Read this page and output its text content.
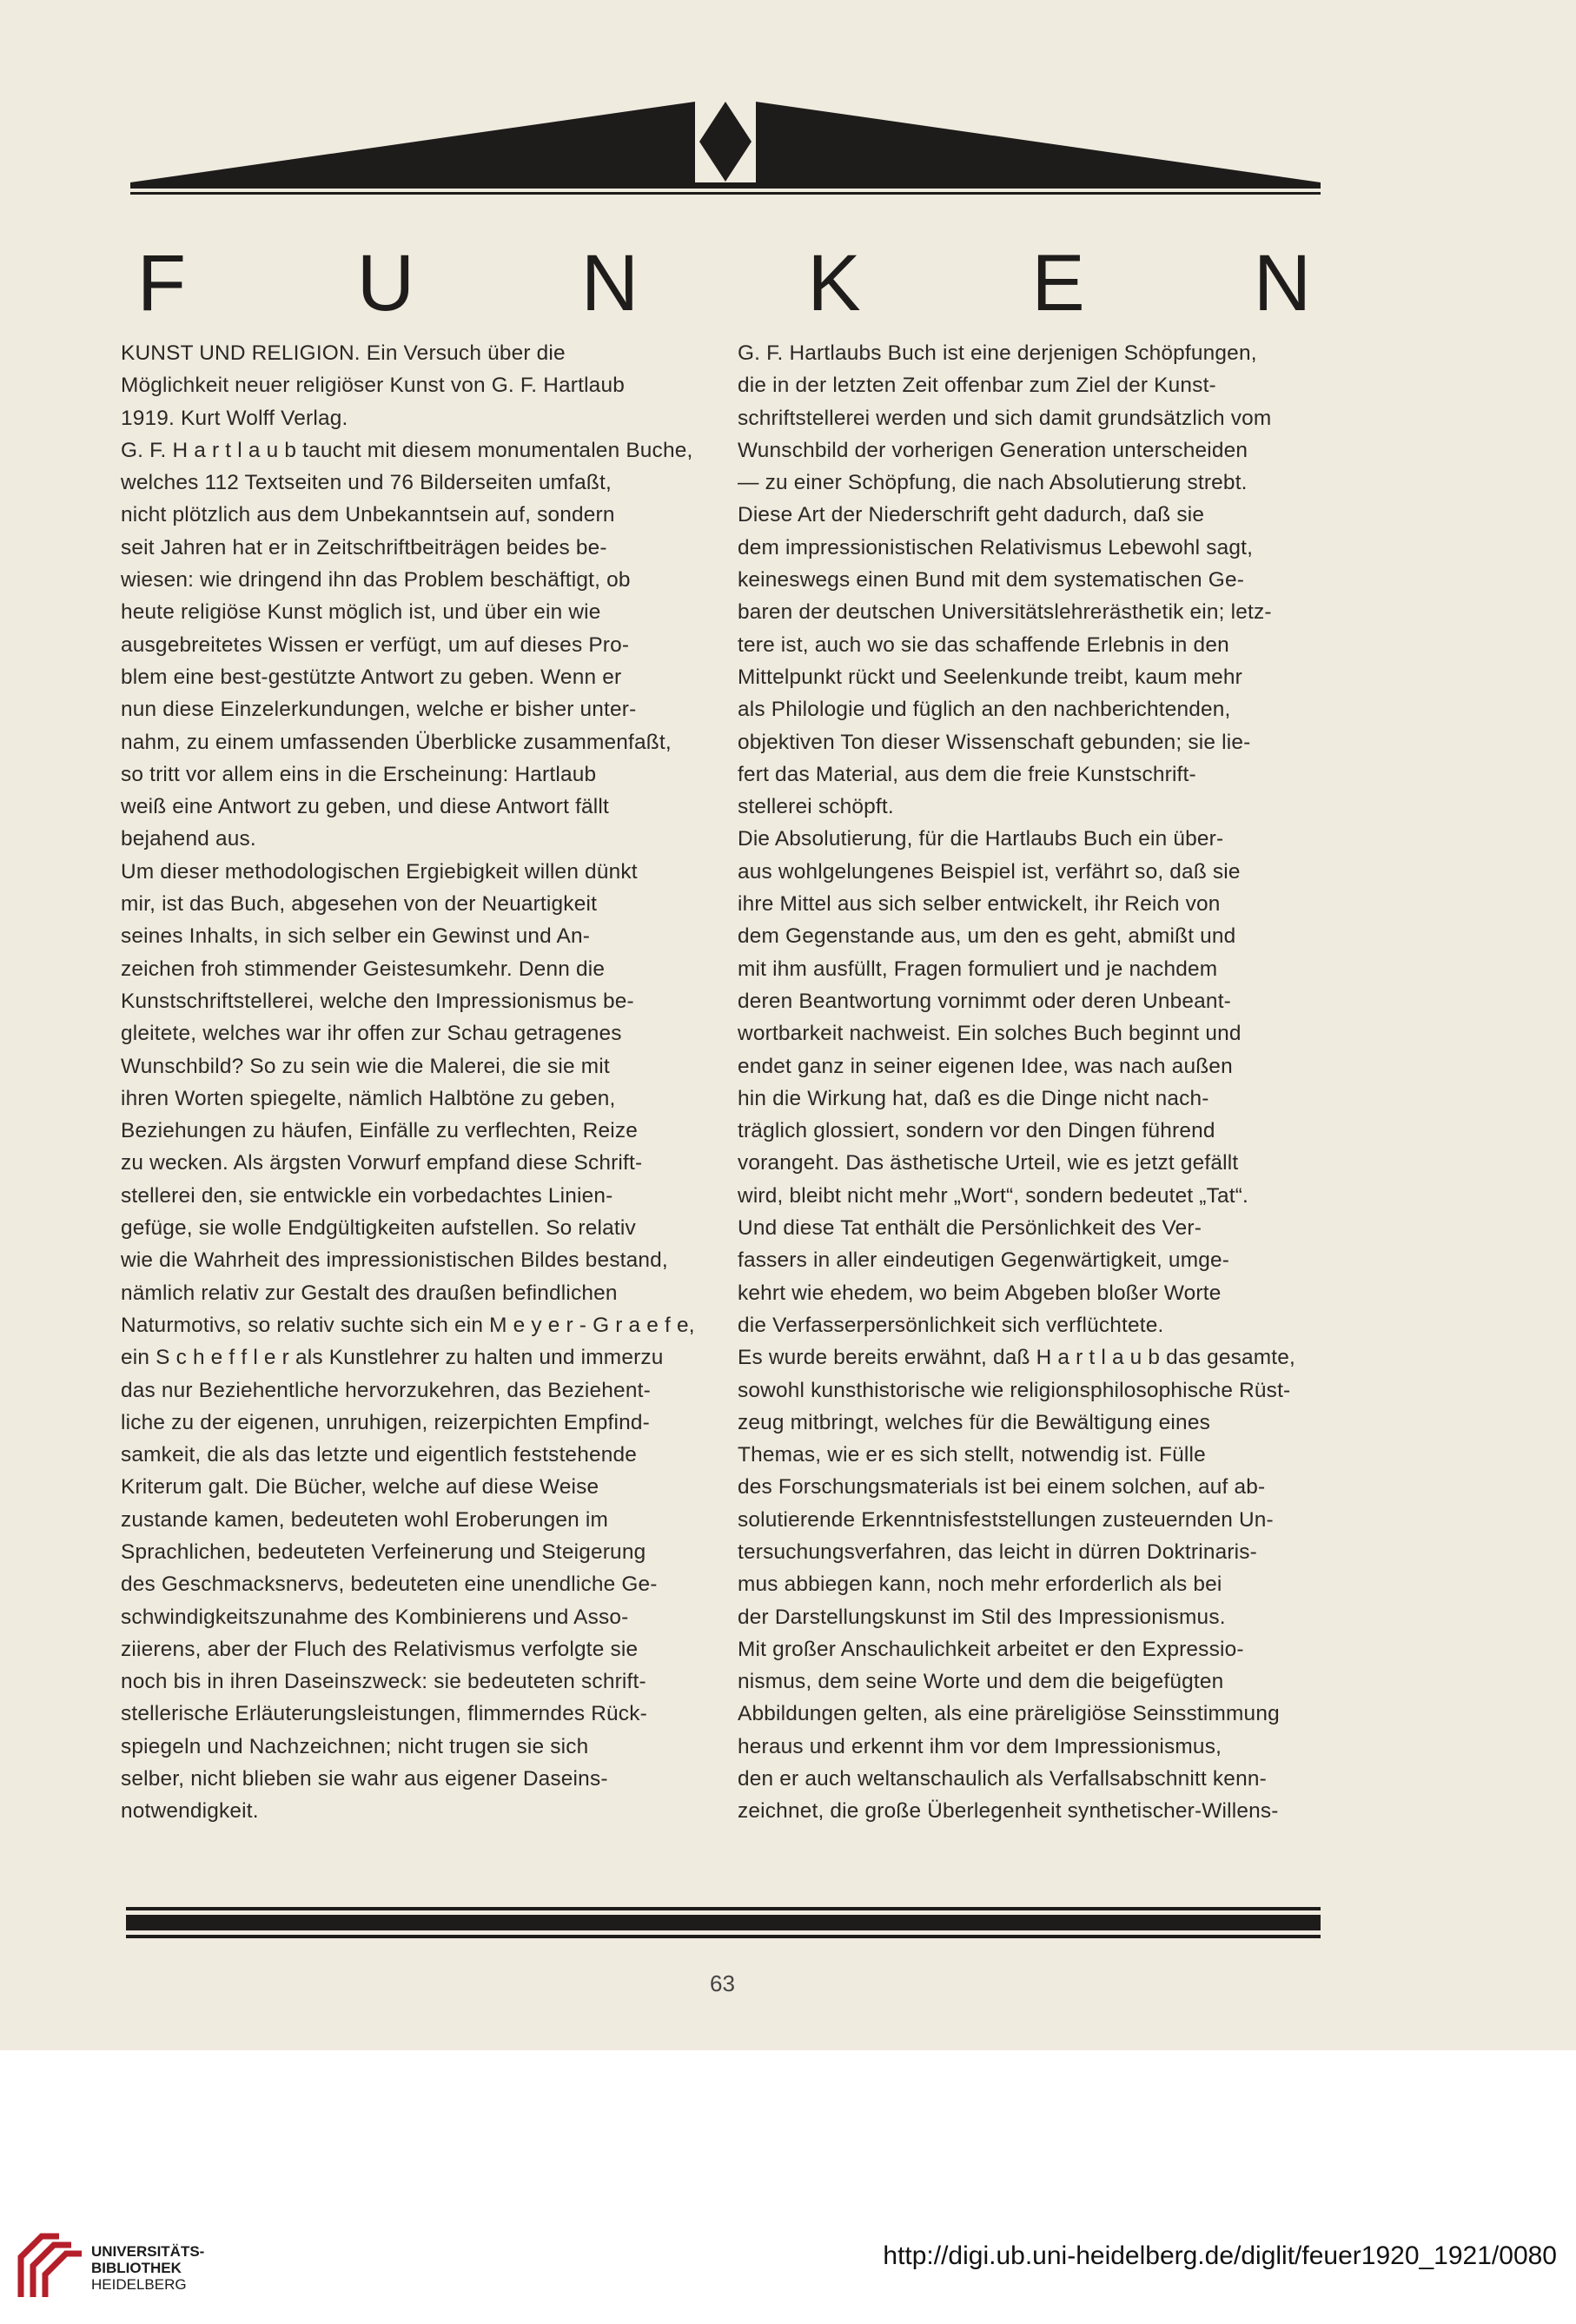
F U N K E N

KUNST UND RELIGION. Ein Versuch über die
Möglichkeit neuer religiöser Kunst von G. F. Hartlaub
1919. Kurt Wolff Verlag.

G. F. H a r t l a u b taucht mit diesem monumentalen Buche,
welches 112 Textseiten und 76 Bilderseiten umfaßt,
nicht plötzlich aus dem Unbekanntsein auf, sondern
seit Jahren hat er in Zeitschriftbeiträgen beides be-
wiesen: wie dringend ihn das Problem beschäftigt, ob
heute religiöse Kunst möglich ist, und über ein wie
ausgebreitetes Wissen er verfügt, um auf dieses Pro-
blem eine best-gestützte Antwort zu geben. Wenn er
nun diese Einzelerkundungen, welche er bisher unter-
nahm, zu einem umfassenden Überblicke zusammenfaßt,
so tritt vor allem eins in die Erscheinung: Hartlaub
weiß eine Antwort zu geben, und diese Antwort fällt
bejahend aus.

Um dieser methodologischen Ergiebigkeit willen dünkt
mir, ist das Buch, abgesehen von der Neuartigkeit
seines Inhalts, in sich selber ein Gewinst und An-
zeichen froh stimmender Geistesumkehr. Denn die
Kunstschriftstellerei, welche den Impressionismus be-
gleitete, welches war ihr offen zur Schau getragenes
Wunschbild? So zu sein wie die Malerei, die sie mit
ihren Worten spiegelte, nämlich Halbtöne zu geben,
Beziehungen zu häufen, Einfälle zu verflechten, Reize
zu wecken. Als ärgsten Vorwurf empfand diese Schrift-
stellerei den, sie entwickle ein vorbedachtes Linien-
gefüge, sie wolle Endgültigkeiten aufstellen. So relativ
wie die Wahrheit des impressionistischen Bildes bestand,
nämlich relativ zur Gestalt des draußen befindlichen
Naturmotivs, so relativ suchte sich ein M e y e r - G r a e f e,
ein S c h e f f l e r als Kunstlehrer zu halten und immerzu
das nur Beziehentliche hervorzukehren, das Beziehent-
liche zu der eigenen, unruhigen, reizerpichten Empfind-
samkeit, die als das letzte und eigentlich feststehende
Kriterum galt. Die Bücher, welche auf diese Weise
zustande kamen, bedeuteten wohl Eroberungen im
Sprachlichen, bedeuteten Verfeinerung und Steigerung
des Geschmacksnervs, bedeuteten eine unendliche Ge-
schwindigkeitszunahme des Kombinierens und Asso-
ziierens, aber der Fluch des Relativismus verfolgte sie
noch bis in ihren Daseinszweck: sie bedeuteten schrift-
stellerische Erläuterungsleistungen, flimmerndes Rück-
spiegeln und Nachzeichnen; nicht trugen sie sich
selber, nicht blieben sie wahr aus eigener Daseins-
notwendigkeit.

G. F. Hartlaubs Buch ist eine derjenigen Schöpfungen,
die in der letzten Zeit offenbar zum Ziel der Kunst-
schriftstellerei werden und sich damit grundsätzlich vom
Wunschbild der vorherigen Generation unterscheiden
— zu einer Schöpfung, die nach Absolutierung strebt.
Diese Art der Niederschrift geht dadurch, daß sie
dem impressionistischen Relativismus Lebewohl sagt,
keineswegs einen Bund mit dem systematischen Ge-
baren der deutschen Universitätslehrerästhetik ein; letz-
tere ist, auch wo sie das schaffende Erlebnis in den
Mittelpunkt rückt und Seelenkunde treibt, kaum mehr
als Philologie und füglich an den nachberichtenden,
objektiven Ton dieser Wissenschaft gebunden; sie lie-
fert das Material, aus dem die freie Kunstschrift-
stellerei schöpft.

Die Absolutierung, für die Hartlaubs Buch ein über-
aus wohlgelungenes Beispiel ist, verfährt so, daß sie
ihre Mittel aus sich selber entwickelt, ihr Reich von
dem Gegenstande aus, um den es geht, abmißt und
mit ihm ausfüllt, Fragen formuliert und je nachdem
deren Beantwortung vornimmt oder deren Unbeant-
wortbarkeit nachweist. Ein solches Buch beginnt und
endet ganz in seiner eigenen Idee, was nach außen
hin die Wirkung hat, daß es die Dinge nicht nach-
träglich glossiert, sondern vor den Dingen führend
vorangeht. Das ästhetische Urteil, wie es jetzt gefällt
wird, bleibt nicht mehr „Wort“, sondern bedeutet „Tat“.
Und diese Tat enthält die Persönlichkeit des Ver-
fassers in aller eindeutigen Gegenwärtigkeit, umge-
kehrt wie ehedem, wo beim Abgeben bloßer Worte
die Verfasserpersönlichkeit sich verflüchtete.

Es wurde bereits erwähnt, daß H a r t l a u b das gesamte,
sowohl kunsthistorische wie religionsphilosophische Rüst-
zeug mitbringt, welches für die Bewältigung eines
Themas, wie er es sich stellt, notwendig ist. Fülle
des Forschungsmaterials ist bei einem solchen, auf ab-
solutierende Erkenntnisfeststellungen zusteuernden Un-
tersuchungsverfahren, das leicht in dürren Doktrinaris-
mus abbiegen kann, noch mehr erforderlich als bei
der Darstellungskunst im Stil des Impressionismus.
Mit großer Anschaulichkeit arbeitet er den Expressio-
nismus, dem seine Worte und dem die beigefügten
Abbildungen gelten, als eine präreligiöse Seinsstimmung
heraus und erkennt ihm vor dem Impressionismus,
den er auch weltanschaulich als Verfallsabschnitt kenn-
zeichnet, die große Überlegenheit synthetischer-Willens-

63
UNIVERSITÄTS-
BIBLIOTHEK
HEIDELBERG
http://digi.ub.uni-heidelberg.de/diglit/feuer1920_1921/0080
